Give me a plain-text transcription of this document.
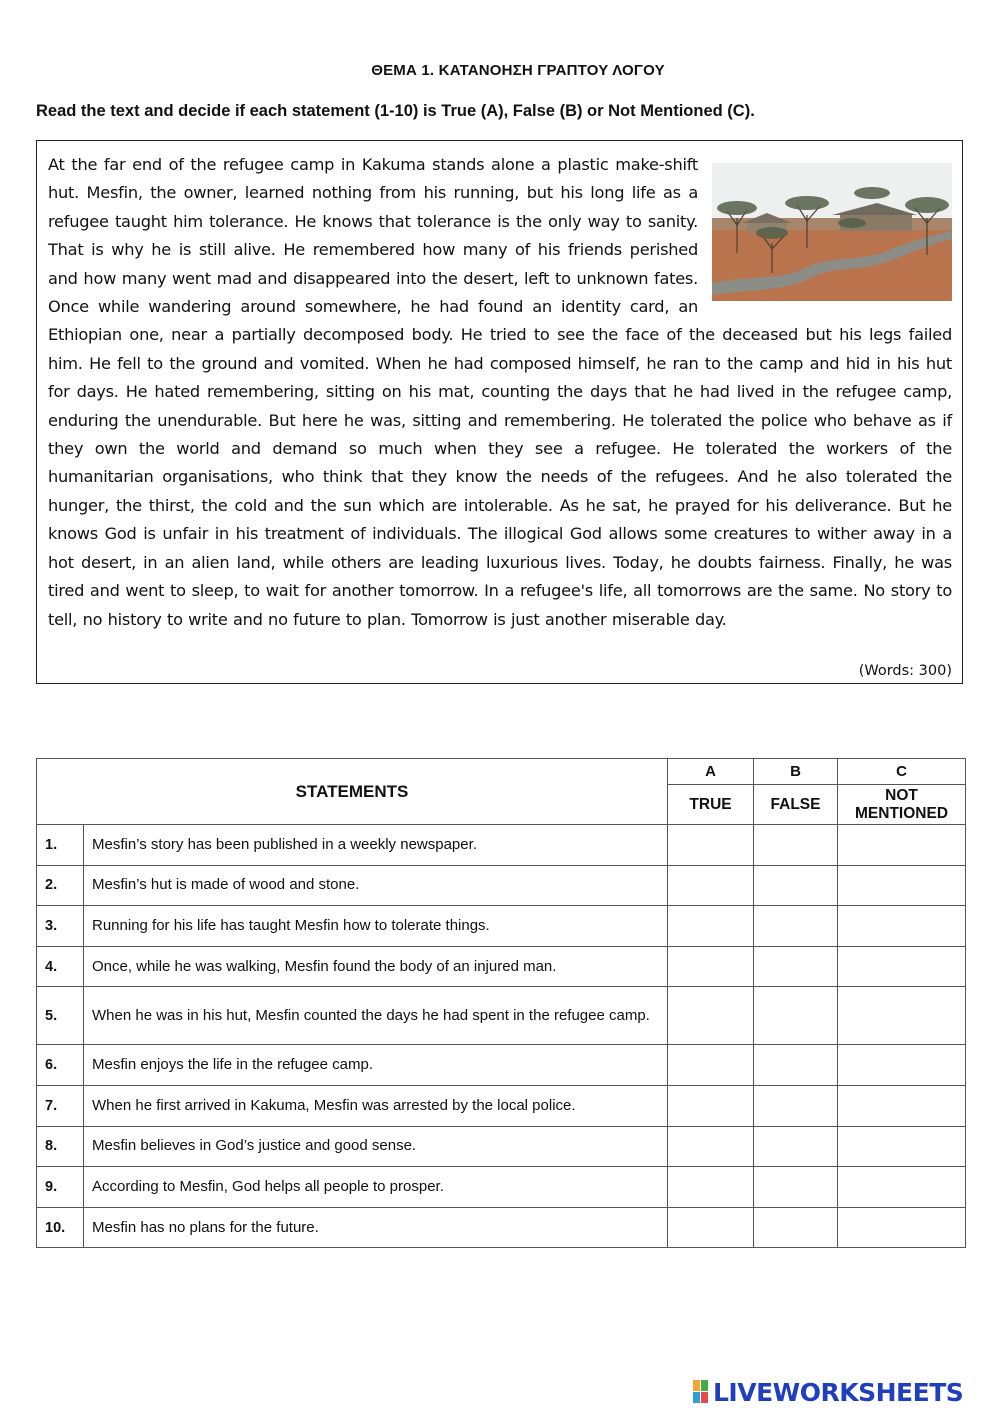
ΘΕΜΑ 1. ΚΑΤΑΝΟΗΣΗ ΓΡΑΠΤΟΥ ΛΟΓΟΥ
Read the text and decide if each statement (1-10) is True (A), False (B) or Not Mentioned (C).
At the far end of the refugee camp in Kakuma stands alone a plastic make-shift hut. Mesfin, the owner, learned nothing from his running, but his long life as a refugee taught him tolerance. He knows that tolerance is the only way to sanity. That is why he is still alive. He remembered how many of his friends perished and how many went mad and disappeared into the desert, left to unknown fates. Once while wandering around somewhere, he had found an identity card, an Ethiopian one, near a partially decomposed body. He tried to see the face of the deceased but his legs failed him. He fell to the ground and vomited. When he had composed himself, he ran to the camp and hid in his hut for days. He hated remembering, sitting on his mat, counting the days that he had lived in the refugee camp, enduring the unendurable. But here he was, sitting and remembering. He tolerated the police who behave as if they own the world and demand so much when they see a refugee. He tolerated the workers of the humanitarian organisations, who think that they know the needs of the refugees. And he also tolerated the hunger, the thirst, the cold and the sun which are intolerable. As he sat, he prayed for his deliverance. But he knows God is unfair in his treatment of individuals. The illogical God allows some creatures to wither away in a hot desert, in an alien land, while others are leading luxurious lives. Today, he doubts fairness. Finally, he was tired and went to sleep, to wait for another tomorrow. In a refugee's life, all tomorrows are the same. No story to tell, no history to write and no future to plan. Tomorrow is just another miserable day.
(Words: 300)
STATEMENTS		A	B	C
		TRUE	FALSE	NOT MENTIONED
1.	Mesfin’s story has been published in a weekly newspaper.			
2.	Mesfin’s hut is made of wood and stone.			
3.	Running for his life has taught Mesfin how to tolerate things.			
4.	Once, while he was walking, Mesfin found the body of an injured man.			
5.	When he was in his hut, Mesfin counted the days he had spent in the refugee camp.			
6.	Mesfin enjoys the life in the refugee camp.			
7.	When he first arrived in Kakuma, Mesfin was arrested by the local police.			
8.	Mesfin believes in God’s justice and good sense.			
9.	According to Mesfin, God helps all people to prosper.			
10.	Mesfin has no plans for the future.			
LIVEWORKSHEETS
